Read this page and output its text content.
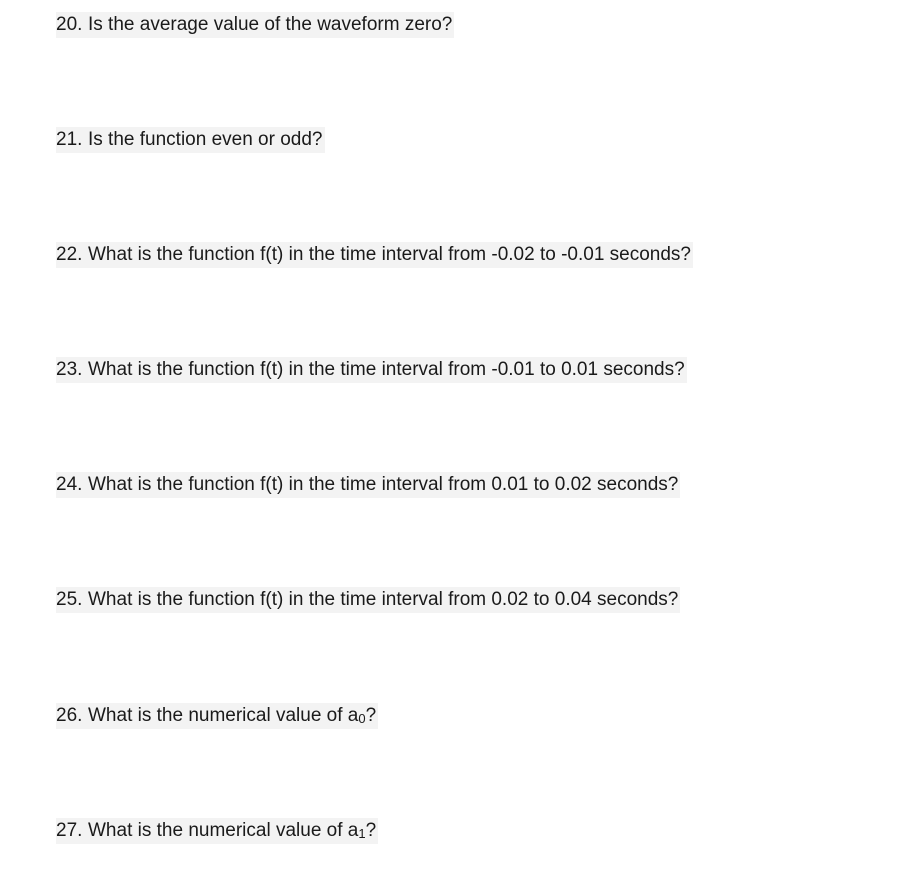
20. Is the average value of the waveform zero?
21. Is the function even or odd?
22. What is the function f(t) in the time interval from -0.02 to -0.01 seconds?
23. What is the function f(t) in the time interval from -0.01 to 0.01 seconds?
24. What is the function f(t) in the time interval from 0.01 to 0.02 seconds?
25. What is the function f(t) in the time interval from 0.02 to 0.04 seconds?
26. What is the numerical value of a0?
27. What is the numerical value of a1?
